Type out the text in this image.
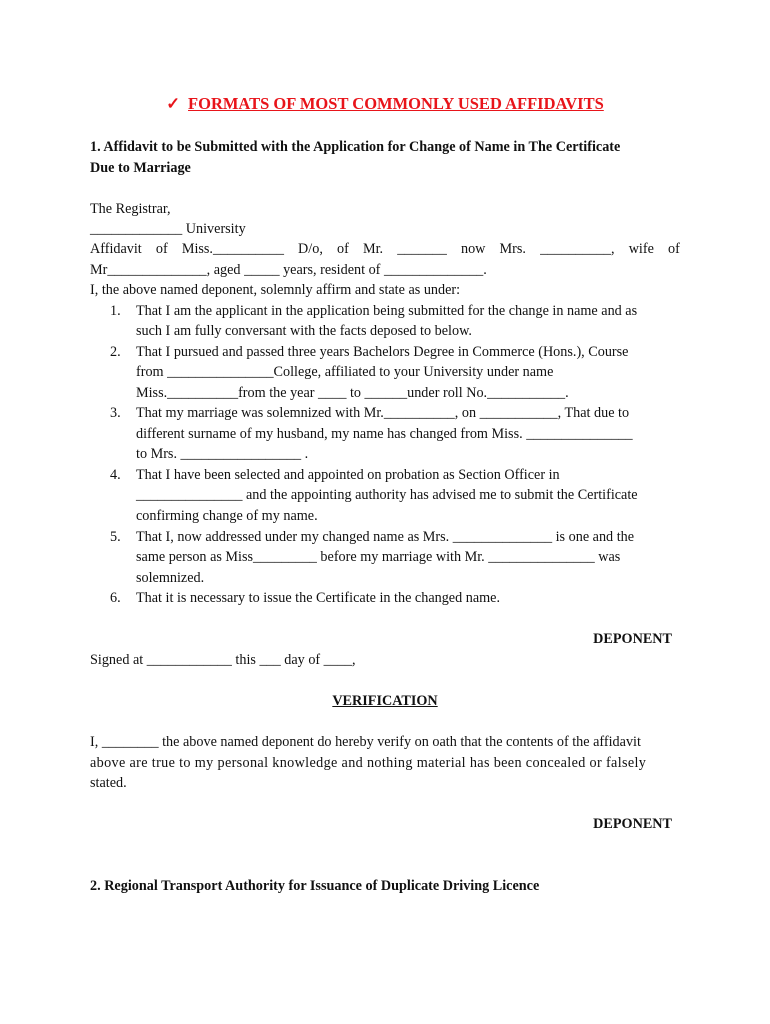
✓ FORMATS OF MOST COMMONLY USED AFFIDAVITS
1. Affidavit to be Submitted with the Application for Change of Name in The Certificate
Due to Marriage
The Registrar,
_____________ University
Affidavit of Miss.__________ D/o, of Mr. _______ now Mrs. __________, wife of
Mr______________, aged _____ years, resident of ______________.
I, the above named deponent, solemnly affirm and state as under:
1. That I am the applicant in the application being submitted for the change in name and as
such I am fully conversant with the facts deposed to below.
2. That I pursued and passed three years Bachelors Degree in Commerce (Hons.), Course
from _______________College, affiliated to your University under name
Miss.__________from the year ____ to ______under roll No.___________.
3. That my marriage was solemnized with Mr.__________, on ___________, That due to
different surname of my husband, my name has changed from Miss. _______________
to Mrs. _________________ .
4. That I have been selected and appointed on probation as Section Officer in
_______________ and the appointing authority has advised me to submit the Certificate
confirming change of my name.
5. That I, now addressed under my changed name as Mrs. ______________ is one and the
same person as Miss_________ before my marriage with Mr. _______________ was
solemnized.
6. That it is necessary to issue the Certificate in the changed name.
DEPONENT
Signed at ____________ this ___ day of ____,
VERIFICATION
I, ________ the above named deponent do hereby verify on oath that the contents of the affidavit
above are true to my personal knowledge and nothing material has been concealed or falsely
stated.
DEPONENT
2. Regional Transport Authority for Issuance of Duplicate Driving Licence
